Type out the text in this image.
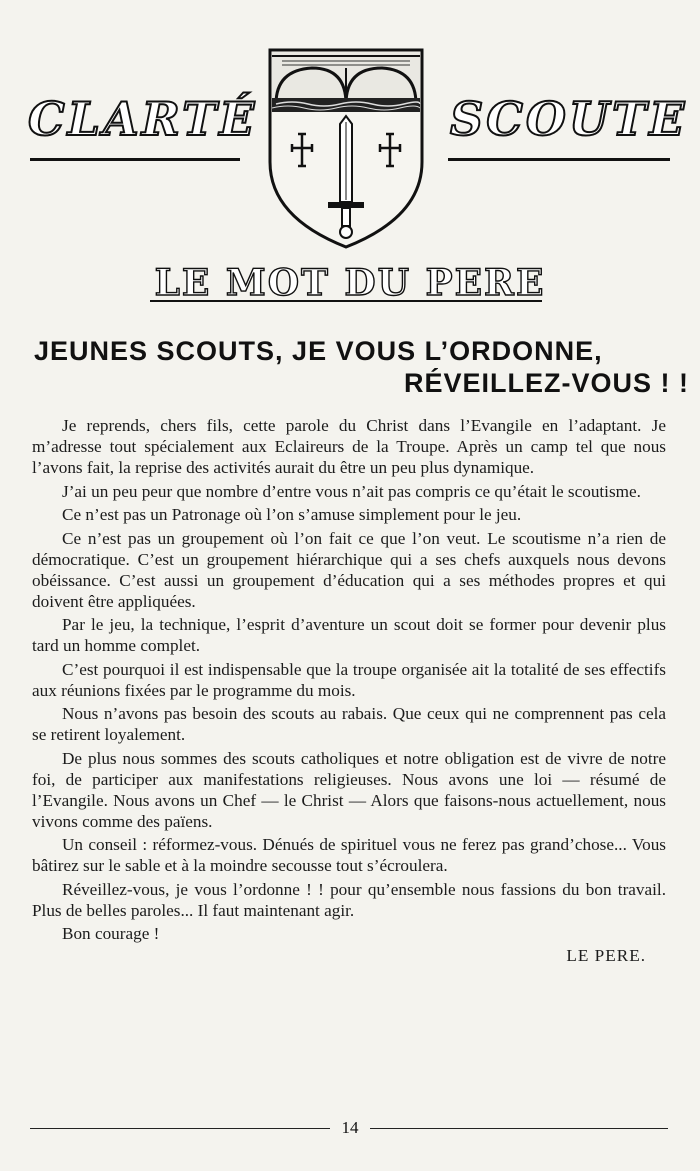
CLARTÉ	SCOUTE
LE MOT DU PERE
JEUNES SCOUTS, JE VOUS L’ORDONNE,
RÉVEILLEZ-VOUS ! !

Je reprends, chers fils, cette parole du Christ dans l’Evangile en l’adaptant. Je m’adresse tout spécialement aux Eclaireurs de la Troupe. Après un camp tel que nous l’avons fait, la reprise des activités aurait du être un peu plus dynamique.

J’ai un peu peur que nombre d’entre vous n’ait pas compris ce qu’était le scoutisme.

Ce n’est pas un Patronage où l’on s’amuse simplement pour le jeu.

Ce n’est pas un groupement où l’on fait ce que l’on veut. Le scoutisme n’a rien de démocratique. C’est un groupement hiérarchique qui a ses chefs auxquels nous devons obéissance. C’est aussi un groupement d’éducation qui a ses méthodes propres et qui doivent être appliquées.

Par le jeu, la technique, l’esprit d’aventure un scout doit se former pour devenir plus tard un homme complet.

C’est pourquoi il est indispensable que la troupe organisée ait la totalité de ses effectifs aux réunions fixées par le programme du mois.

Nous n’avons pas besoin des scouts au rabais. Que ceux qui ne comprennent pas cela se retirent loyalement.

De plus nous sommes des scouts catholiques et notre obligation est de vivre de notre foi, de participer aux manifestations religieuses. Nous avons une loi — résumé de l’Evangile. Nous avons un Chef — le Christ — Alors que faisons-nous actuellement, nous vivons comme des païens.

Un conseil : réformez-vous. Dénués de spirituel vous ne ferez pas grand’chose... Vous bâtirez sur le sable et à la moindre secousse tout s’écroulera.

Réveillez-vous, je vous l’ordonne ! ! pour qu’ensemble nous fassions du bon travail. Plus de belles paroles... Il faut maintenant agir.

Bon courage !

LE PERE.

14
